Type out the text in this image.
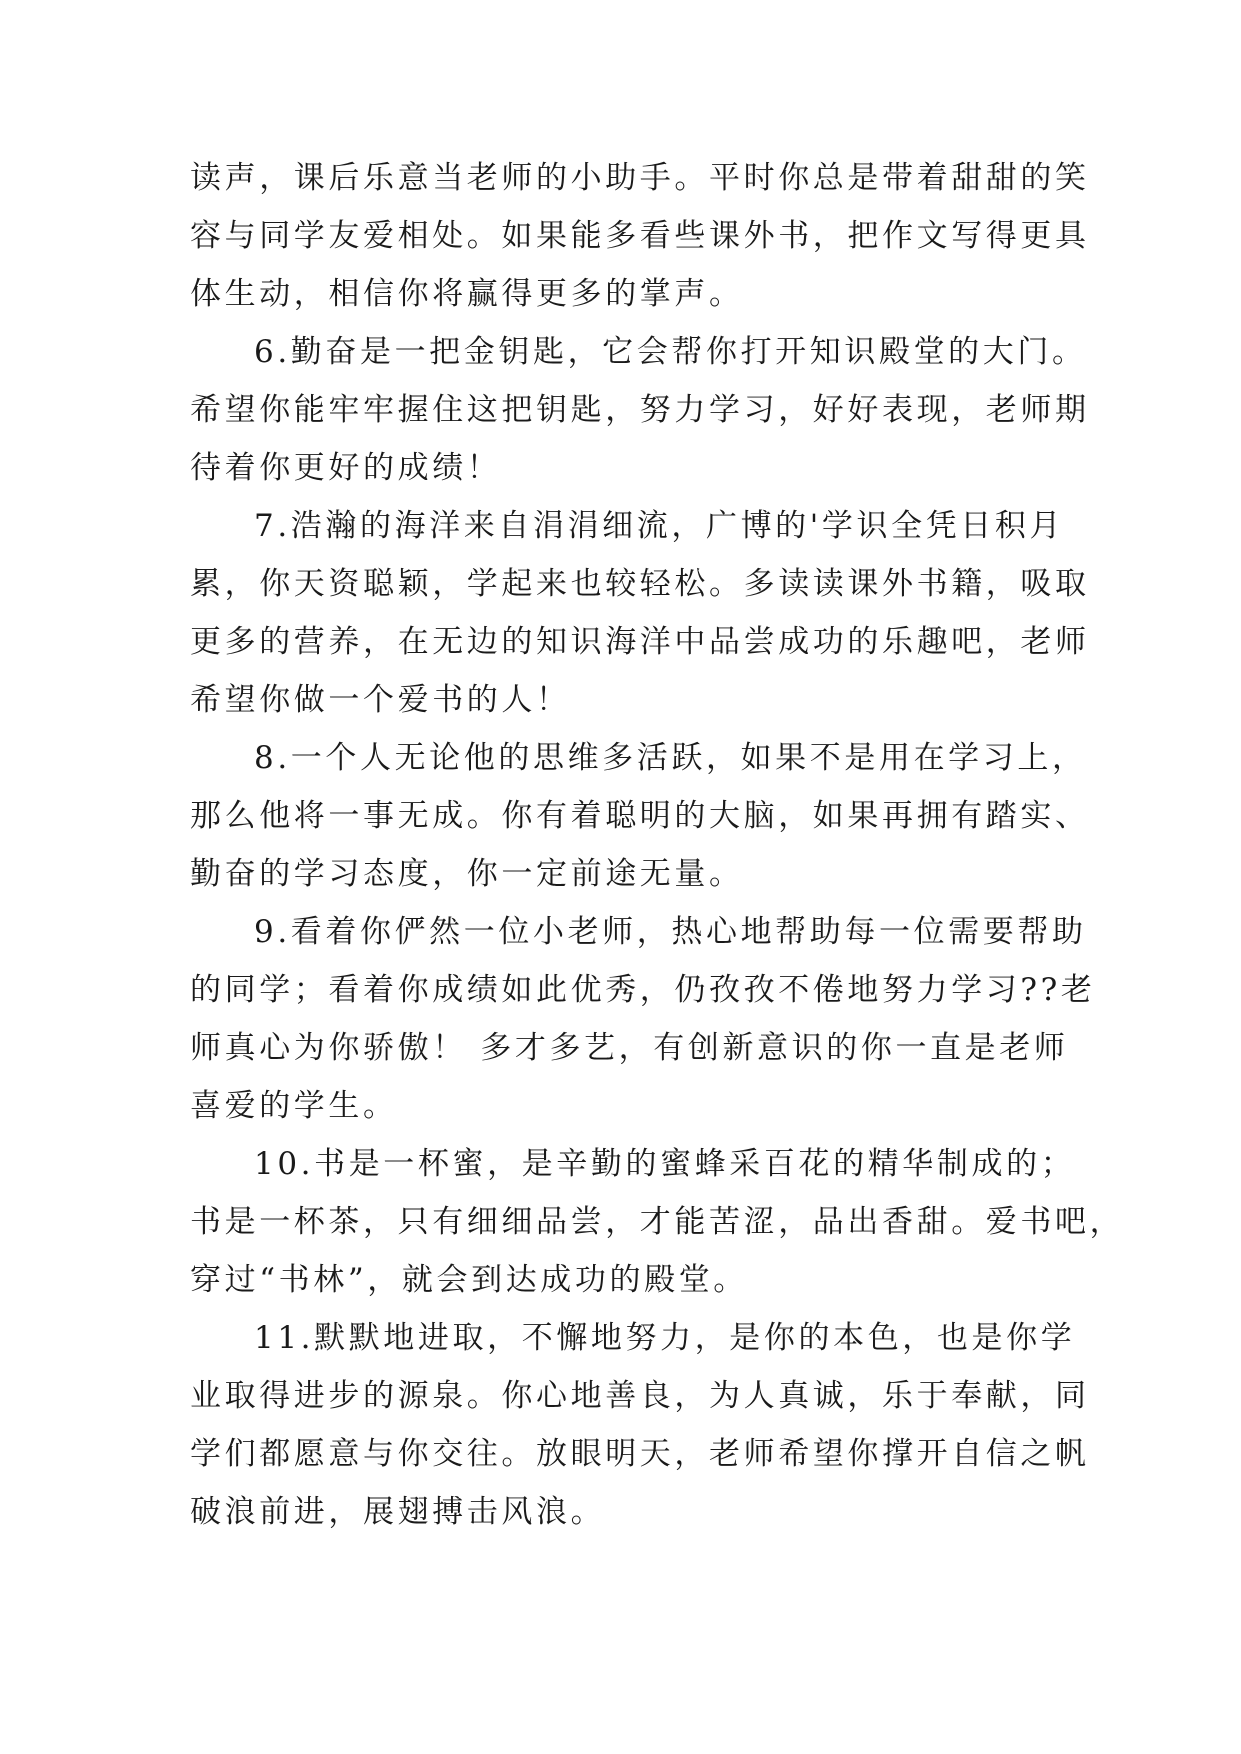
读声，课后乐意当老师的小助手。平时你总是带着甜甜的笑
容与同学友爱相处。如果能多看些课外书，把作文写得更具
体生动，相信你将赢得更多的掌声。
6.勤奋是一把金钥匙，它会帮你打开知识殿堂的大门。
希望你能牢牢握住这把钥匙，努力学习，好好表现，老师期
待着你更好的成绩！
7.浩瀚的海洋来自涓涓细流，广博的'学识全凭日积月
累，你天资聪颖，学起来也较轻松。多读读课外书籍，吸取
更多的营养，在无边的知识海洋中品尝成功的乐趣吧，老师
希望你做一个爱书的人！
8.一个人无论他的思维多活跃，如果不是用在学习上，
那么他将一事无成。你有着聪明的大脑，如果再拥有踏实、
勤奋的学习态度，你一定前途无量。
9.看着你俨然一位小老师，热心地帮助每一位需要帮助
的同学；看着你成绩如此优秀，仍孜孜不倦地努力学习??老
师真心为你骄傲！ 多才多艺，有创新意识的你一直是老师
喜爱的学生。
10.书是一杯蜜，是辛勤的蜜蜂采百花的精华制成的；
书是一杯茶，只有细细品尝，才能苦涩，品出香甜。爱书吧，
穿过“书林”，就会到达成功的殿堂。
11.默默地进取，不懈地努力，是你的本色，也是你学
业取得进步的源泉。你心地善良，为人真诚，乐于奉献，同
学们都愿意与你交往。放眼明天，老师希望你撑开自信之帆
破浪前进，展翅搏击风浪。
